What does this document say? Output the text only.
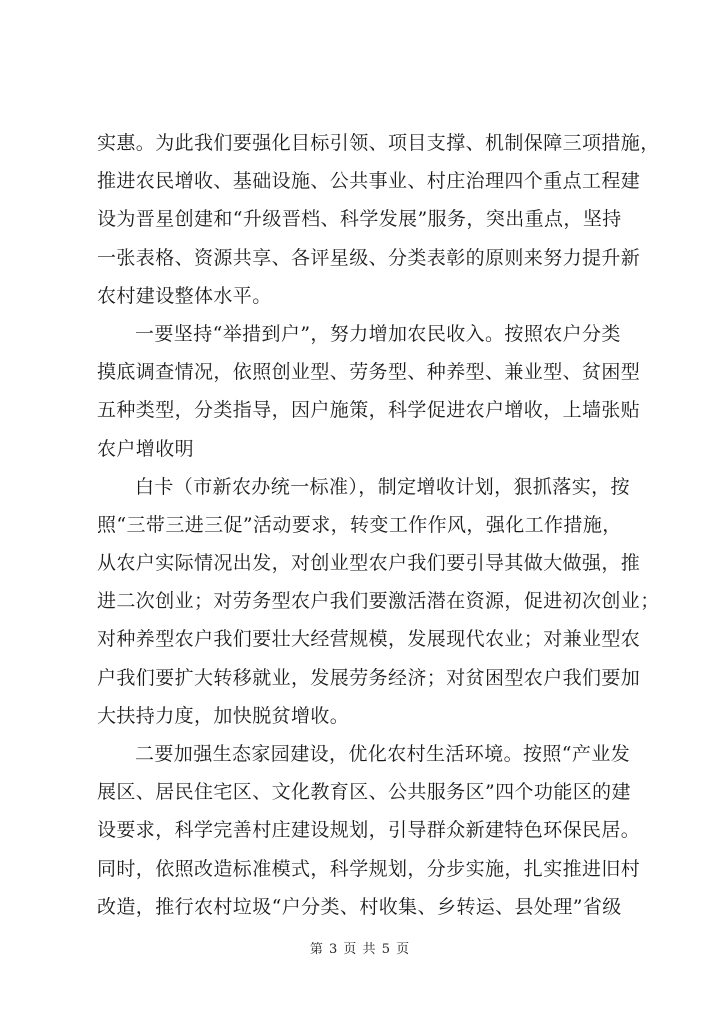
实惠。为此我们要强化目标引领、项目支撑、机制保障三项措施，
推进农民增收、基础设施、公共事业、村庄治理四个重点工程建
设为晋星创建和“升级晋档、科学发展”服务，突出重点，坚持
一张表格、资源共享、各评星级、分类表彰的原则来努力提升新
农村建设整体水平。
一要坚持“举措到户”，努力增加农民收入。按照农户分类
摸底调查情况，依照创业型、劳务型、种养型、兼业型、贫困型
五种类型，分类指导，因户施策，科学促进农户增收，上墙张贴
农户增收明
白卡（市新农办统一标准），制定增收计划，狠抓落实，按
照“三带三进三促”活动要求，转变工作作风，强化工作措施，
从农户实际情况出发，对创业型农户我们要引导其做大做强，推
进二次创业；对劳务型农户我们要激活潜在资源，促进初次创业；
对种养型农户我们要壮大经营规模，发展现代农业；对兼业型农
户我们要扩大转移就业，发展劳务经济；对贫困型农户我们要加
大扶持力度，加快脱贫增收。
二要加强生态家园建设，优化农村生活环境。按照“产业发
展区、居民住宅区、文化教育区、公共服务区”四个功能区的建
设要求，科学完善村庄建设规划，引导群众新建特色环保民居。
同时，依照改造标准模式，科学规划，分步实施，扎实推进旧村
改造，推行农村垃圾“户分类、村收集、乡转运、县处理”省级
第 3 页 共 5 页
